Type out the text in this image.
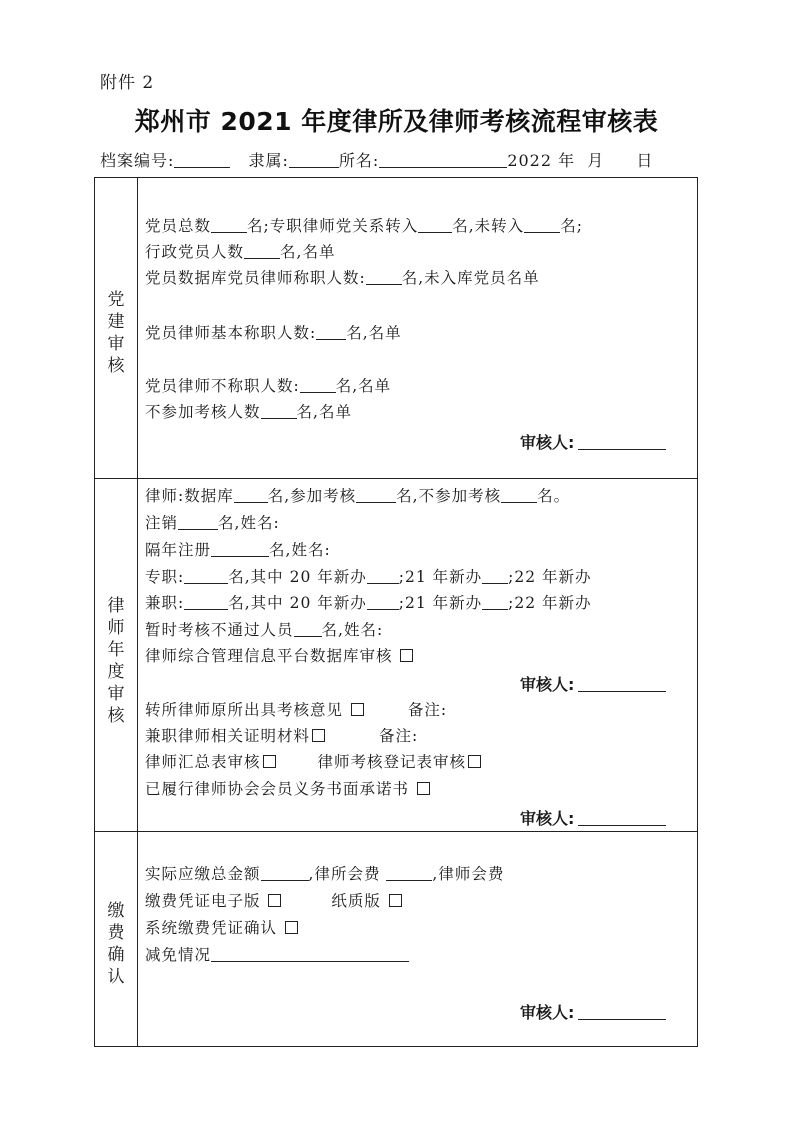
附件 2
郑州市 2021 年度律所及律师考核流程审核表
档案编号:	隶属:	所名:	2022 年 月 日
党
建
审
核
党员总数 名;专职律师党关系转入 名,未转入 名;
行政党员人数 名,名单
党员数据库党员律师称职人数: 名,未入库党员名单
党员律师基本称职人数: 名,名单
党员律师不称职人数: 名,名单
不参加考核人数 名,名单
审核人:
律
师
年
度
审
核
律师:数据库 名,参加考核	名,不参加考核 名。
注销	名,姓名:
隔年注册	名,姓名:
专职:	名,其中 20 年新办 ;21 年新办 ;22 年新办
兼职:	名,其中 20 年新办 ;21 年新办 ;22 年新办
暂时考核不通过人员 名,姓名:
律师综合管理信息平台数据库审核
审核人:
转所律师原所出具考核意见	备注:
兼职律师相关证明材料	备注:
律师汇总表审核	律师考核登记表审核
已履行律师协会会员义务书面承诺书
审核人:
缴
费
确
认
实际应缴总金额	,律所会费	,律师会费
缴费凭证电子版	纸质版
系统缴费凭证确认
减免情况
审核人:
